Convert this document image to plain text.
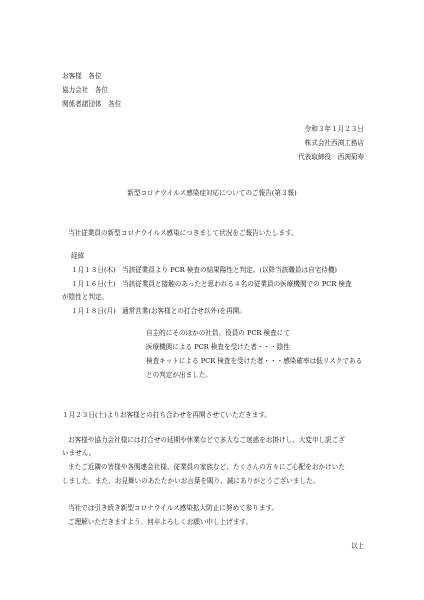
お客様　各位
協力会社　各位
関係者諸団体　各位
令和３年１月２３日
株式会社西渕工務店
代表取締役　西渕菊寿
新型コロナウイルス感染症対応についてのご報告(第３報)
当社従業員の新型コロナウイルス感染につきまして状況をご報告いたします。
経緯
１月１３日(木) 当該従業員より PCR 検査の結果陽性と判定。(以降当該職員は自宅待機)
１月１６日(土) 当該従業員と接触のあったと思われる４名の従業員の医療機関での PCR 検査
が陰性と判定。
１月１８日(月) 通常営業(お客様との打合せ以外)を再開。
自主的にそのほかの社員、役員の PCR 検査にて
医療機関による PCR 検査を受けた者・・・陰性
検査キットによる PCR 検査を受けた者・・・感染確率は低リスクである
との判定が出ました。
１月２３日(土)よりお客様との打ち合わせを再開させていただきます。
お客様や協力会社様には打合せの延期や休業などで多大なご迷惑をお掛けし、大変申し訳ござ
いません。
またご近隣の皆様や各関連会社様、従業員の家族など、たくさんの方々にご心配をおかけいた
しました。また、お見舞いのあたたかいお言葉を賜り、誠にありがとうございました。
当社では引き続き新型コロナウイルス感染拡大防止に努めて参ります。
ご理解いただきますよう、何卒よろしくお願い申し上げます。
以上
